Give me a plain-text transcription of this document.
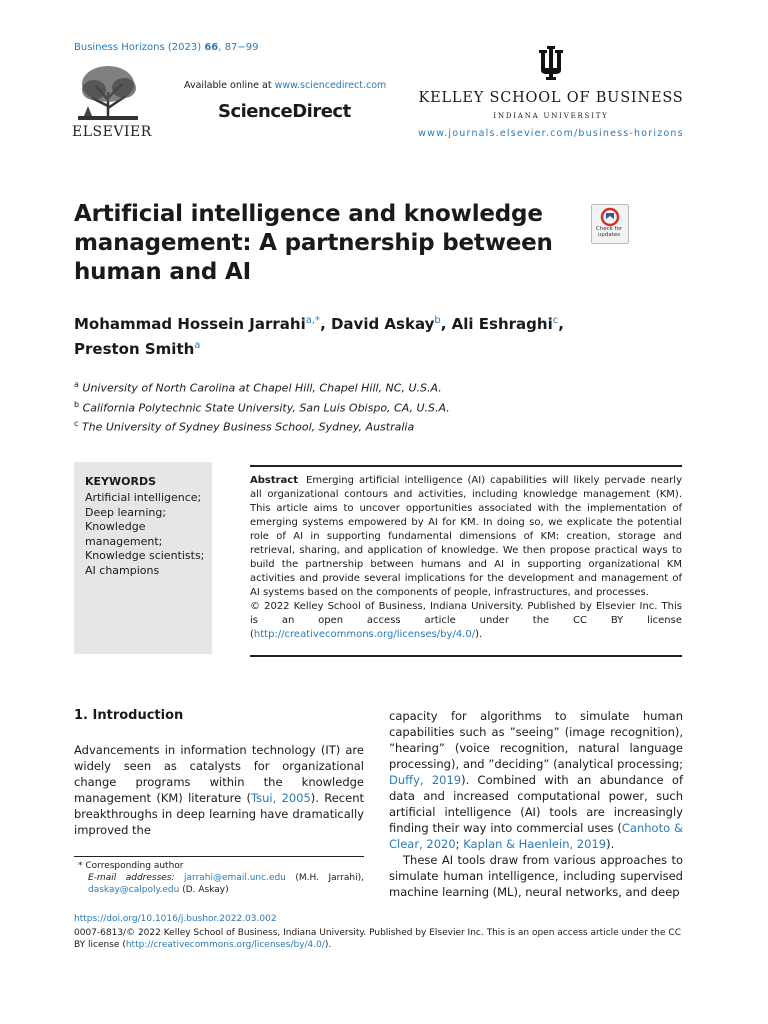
Business Horizons (2023) 66, 87−99
ELSEVIER
Available online at www.sciencedirect.com
ScienceDirect
KELLEY SCHOOL OF BUSINESS
INDIANA UNIVERSITY
www.journals.elsevier.com/business-horizons
Artificial intelligence and knowledge management: A partnership between human and AI
Check for updates
Mohammad Hossein Jarrahi$^{a,*}$, David Askay$^b$, Ali Eshraghi$^c$,
Preston Smith$^a$
$^a$ University of North Carolina at Chapel Hill, Chapel Hill, NC, U.S.A.
$^b$ California Polytechnic State University, San Luis Obispo, CA, U.S.A.
$^c$ The University of Sydney Business School, Sydney, Australia
KEYWORDS
Artificial intelligence;
Deep learning;
Knowledge
management;
Knowledge scientists;
AI champions
Abstract Emerging artificial intelligence (AI) capabilities will likely pervade nearly all organizational contours and activities, including knowledge management (KM). This article aims to uncover opportunities associated with the implementation of emerging systems empowered by AI for KM. In doing so, we explicate the potential role of AI in supporting fundamental dimensions of KM: creation, storage and retrieval, sharing, and application of knowledge. We then propose practical ways to build the partnership between humans and AI in supporting organizational KM activities and provide several implications for the development and management of AI systems based on the components of people, infrastructures, and processes.
© 2022 Kelley School of Business, Indiana University. Published by Elsevier Inc. This is an open access article under the CC BY license (http://creativecommons.org/licenses/by/4.0/).
1. Introduction
Advancements in information technology (IT) are widely seen as catalysts for organizational change programs within the knowledge management (KM) literature (Tsui, 2005). Recent breakthroughs in deep learning have dramatically improved the

capacity for algorithms to simulate human capabilities such as ”seeing” (image recognition), ”hearing” (voice recognition, natural language processing), and ”deciding” (analytical processing; Duffy, 2019). Combined with an abundance of data and increased computational power, such artificial intelligence (AI) tools are increasingly finding their way into commercial uses (Canhoto & Clear, 2020; Kaplan & Haenlein, 2019).

These AI tools draw from various approaches to simulate human intelligence, including supervised machine learning (ML), neural networks, and deep

* Corresponding author
E-mail addresses: jarrahi@email.unc.edu (M.H. Jarrahi), daskay@calpoly.edu (D. Askay)
https://doi.org/10.1016/j.bushor.2022.03.002
0007-6813/© 2022 Kelley School of Business, Indiana University. Published by Elsevier Inc. This is an open access article under the CC BY license (http://creativecommons.org/licenses/by/4.0/).
